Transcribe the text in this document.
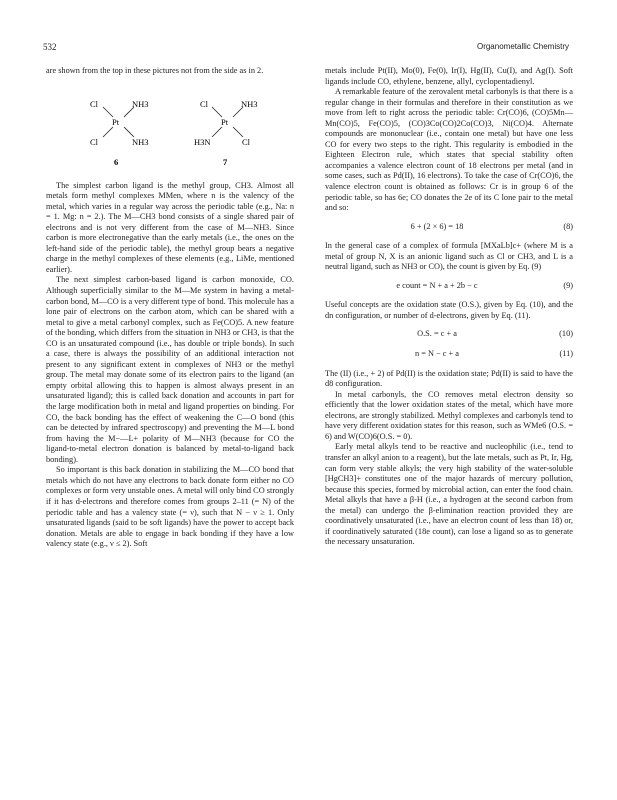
532	Organometallic Chemistry

are shown from the top in these pictures not from the side as in 2.

Cl	NH3
Pt
Cl	NH3
6
Cl	NH3
Pt
H3N	Cl
7

The simplest carbon ligand is the methyl group, CH3. Almost all metals form methyl complexes MMen, where n is the valency of the metal, which varies in a regular way across the periodic table (e.g., Na: n = 1. Mg: n = 2.). The M—CH3 bond consists of a single shared pair of electrons and is not very different from the case of M—NH3. Since carbon is more electronegative than the early metals (i.e., the ones on the left-hand side of the periodic table), the methyl group bears a negative charge in the methyl complexes of these elements (e.g., LiMe, mentioned earlier).

The next simplest carbon-based ligand is carbon monoxide, CO. Although superficially similar to the M—Me system in having a metal-carbon bond, M—CO is a very different type of bond. This molecule has a lone pair of electrons on the carbon atom, which can be shared with a metal to give a metal carbonyl complex, such as Fe(CO)5. A new feature of the bonding, which differs from the situation in NH3 or CH3, is that the CO is an unsaturated compound (i.e., has double or triple bonds). In such a case, there is always the possibility of an additional interaction not present to any significant extent in complexes of NH3 or the methyl group. The metal may donate some of its electron pairs to the ligand (an empty orbital allowing this to happen is almost always present in an unsaturated ligand); this is called back donation and accounts in part for the large modification both in metal and ligand properties on binding. For CO, the back bonding has the effect of weakening the C—O bond (this can be detected by infrared spectroscopy) and preventing the M—L bond from having the M−—L+ polarity of M—NH3 (because for CO the ligand-to-metal electron donation is balanced by metal-to-ligand back bonding).

So important is this back donation in stabilizing the M—CO bond that metals which do not have any electrons to back donate form either no CO complexes or form very unstable ones. A metal will only bind CO strongly if it has d-electrons and therefore comes from groups 2–11 (= N) of the periodic table and has a valency state (= ν), such that N − ν ≥ 1. Only unsaturated ligands (said to be soft ligands) have the power to accept back donation. Metals are able to engage in back bonding if they have a low valency state (e.g., ν ≤ 2). Soft

metals include Pt(II), Mo(0), Fe(0), Ir(I), Hg(II), Cu(I), and Ag(I). Soft ligands include CO, ethylene, benzene, allyl, cyclopentadienyl.

A remarkable feature of the zerovalent metal carbonyls is that there is a regular change in their formulas and therefore in their constitution as we move from left to right across the periodic table: Cr(CO)6, (CO)5Mn—Mn(CO)5, Fe(CO)5, (CO)3Co(CO)2Co(CO)3, Ni(CO)4. Alternate compounds are mononuclear (i.e., contain one metal) but have one less CO for every two steps to the right. This regularity is embodied in the Eighteen Electron rule, which states that special stability often accompanies a valence electron count of 18 electrons per metal (and in some cases, such as Pd(II), 16 electrons). To take the case of Cr(CO)6, the valence electron count is obtained as follows: Cr is in group 6 of the periodic table, so has 6e; CO donates the 2e of its C lone pair to the metal and so:

6 + (2 × 6) = 18	(8)

In the general case of a complex of formula [MXaLb]c+ (where M is a metal of group N, X is an anionic ligand such as Cl or CH3, and L is a neutral ligand, such as NH3 or CO), the count is given by Eq. (9)

e count = N + a + 2b − c	(9)

Useful concepts are the oxidation state (O.S.), given by Eq. (10), and the dn configuration, or number of d-electrons, given by Eq. (11).

O.S. = c + a	(10)
n = N − c + a	(11)

The (II) (i.e., + 2) of Pd(II) is the oxidation state; Pd(II) is said to have the d8 configuration.

In metal carbonyls, the CO removes metal electron density so efficiently that the lower oxidation states of the metal, which have more electrons, are strongly stabilized. Methyl complexes and carbonyls tend to have very different oxidation states for this reason, such as WMe6 (O.S. = 6) and W(CO)6(O.S. = 0).

Early metal alkyls tend to be reactive and nucleophilic (i.e., tend to transfer an alkyl anion to a reagent), but the late metals, such as Pt, Ir, Hg, can form very stable alkyls; the very high stability of the water-soluble [HgCH3]+ constitutes one of the major hazards of mercury pollution, because this species, formed by microbial action, can enter the food chain. Metal alkyls that have a β-H (i.e., a hydrogen at the second carbon from the metal) can undergo the β-elimination reaction provided they are coordinatively unsaturated (i.e., have an electron count of less than 18) or, if coordinatively saturated (18e count), can lose a ligand so as to generate the necessary unsaturation.
